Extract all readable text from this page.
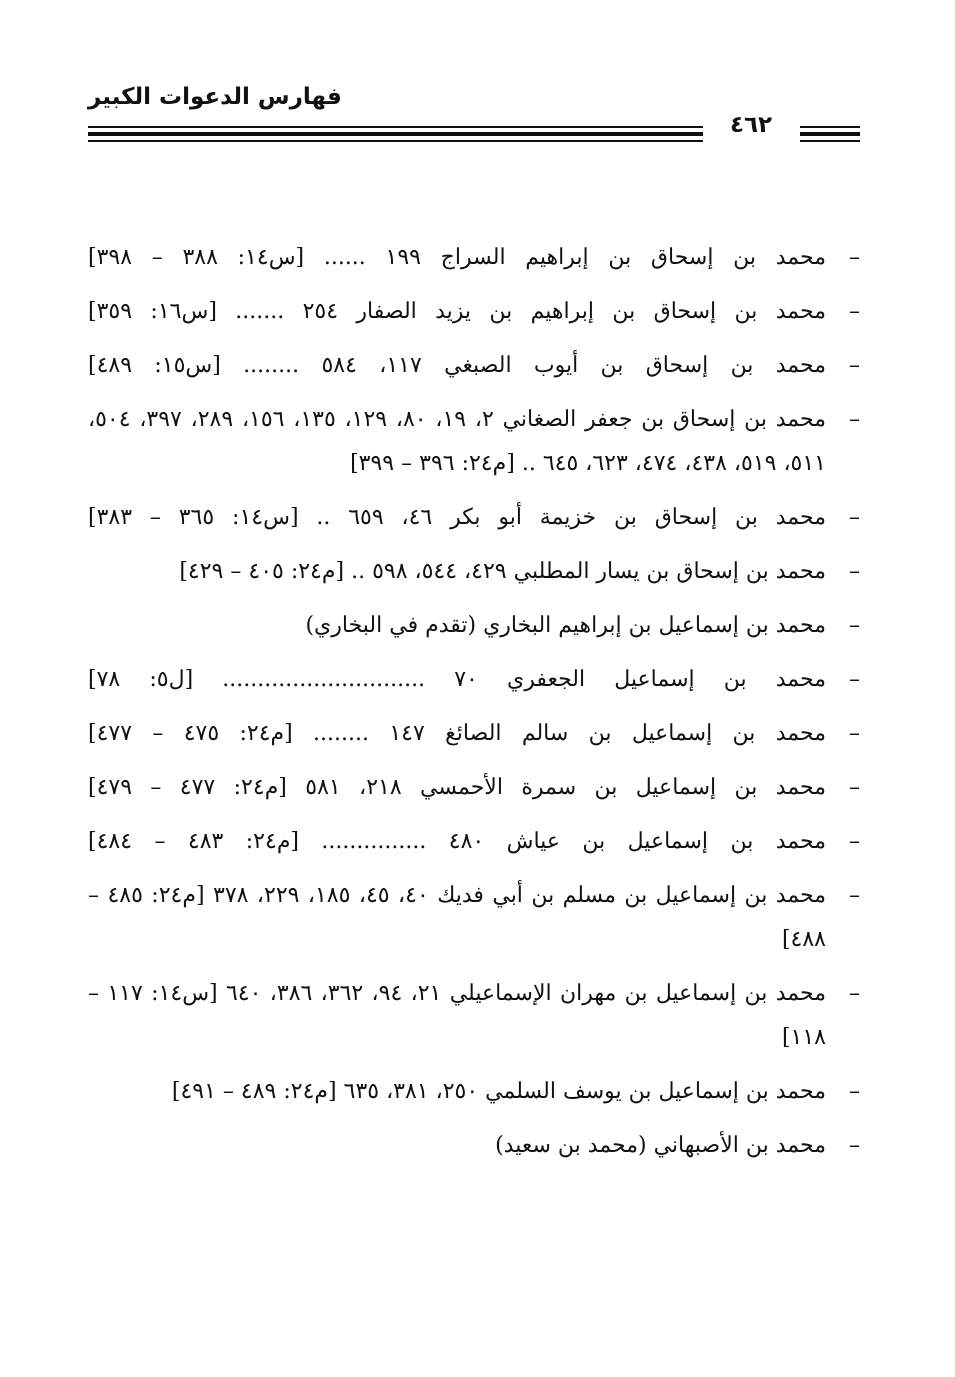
فهارس الدعوات الكبير
٤٦٢
–
محمد بن إسحاق بن إبراهيم السراج ١٩٩ ...... [س١٤: ٣٨٨ – ٣٩٨]
–
محمد بن إسحاق بن إبراهيم بن يزيد الصفار ٢٥٤ ....... [س١٦: ٣٥٩]
–
محمد بن إسحاق بن أيوب الصبغي ١١٧، ٥٨٤ ........ [س١٥: ٤٨٩]
–
محمد بن إسحاق بن جعفر الصغاني ٢، ١٩، ٨٠، ١٢٩، ١٣٥، ١٥٦، ٢٨٩، ٣٩٧، ٥٠٤، ٥١١، ٥١٩، ٤٣٨، ٤٧٤، ٦٢٣، ٦٤٥ .. [م٢٤: ٣٩٦ – ٣٩٩]
–
محمد بن إسحاق بن خزيمة أبو بكر ٤٦، ٦٥٩ .. [س١٤: ٣٦٥ – ٣٨٣]
–
محمد بن إسحاق بن يسار المطلبي ٤٢٩، ٥٤٤، ٥٩٨ .. [م٢٤: ٤٠٥ – ٤٢٩]
–
محمد بن إسماعيل بن إبراهيم البخاري (تقدم في البخاري)
–
محمد بن إسماعيل الجعفري ٧٠ ............................. [ل٥: ٧٨]
–
محمد بن إسماعيل بن سالم الصائغ ١٤٧ ........ [م٢٤: ٤٧٥ – ٤٧٧]
–
محمد بن إسماعيل بن سمرة الأحمسي ٢١٨، ٥٨١ [م٢٤: ٤٧٧ – ٤٧٩]
–
محمد بن إسماعيل بن عياش ٤٨٠ ............... [م٢٤: ٤٨٣ – ٤٨٤]
–
محمد بن إسماعيل بن مسلم بن أبي فديك ٤٠، ٤٥، ١٨٥، ٢٢٩، ٣٧٨ [م٢٤: ٤٨٥ – ٤٨٨]
–
محمد بن إسماعيل بن مهران الإسماعيلي ٢١، ٩٤، ٣٦٢، ٣٨٦، ٦٤٠ [س١٤: ١١٧ – ١١٨]
–
محمد بن إسماعيل بن يوسف السلمي ٢٥٠، ٣٨١، ٦٣٥ [م٢٤: ٤٨٩ – ٤٩١]
–
محمد بن الأصبهاني (محمد بن سعيد)
